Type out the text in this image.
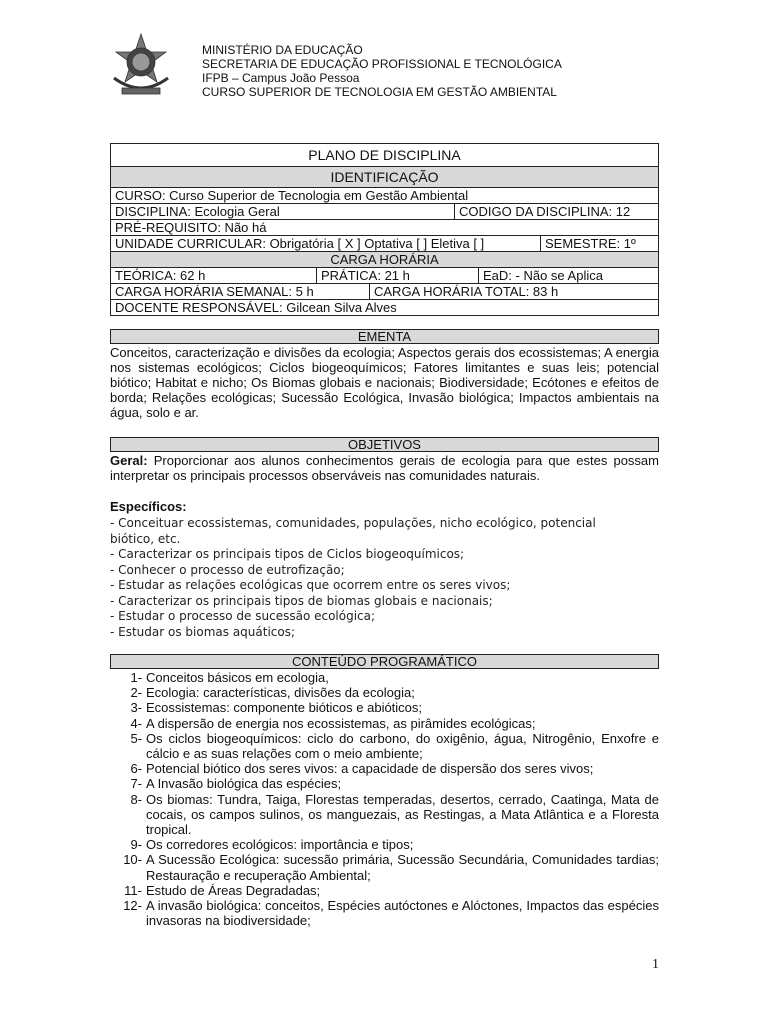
MINISTÉRIO DA EDUCAÇÃO
SECRETARIA DE EDUCAÇÃO PROFISSIONAL E TECNOLÓGICA
IFPB – Campus João Pessoa
CURSO SUPERIOR DE TECNOLOGIA EM GESTÃO AMBIENTAL
PLANO DE DISCIPLINA
IDENTIFICAÇÃO
CURSO: Curso Superior de Tecnologia em Gestão Ambiental
DISCIPLINA: Ecologia Geral	CODIGO DA DISCIPLINA: 12
PRÉ-REQUISITO: Não há
UNIDADE CURRICULAR: Obrigatória [ X ] Optativa [ ] Eletiva [ ]	SEMESTRE: 1º
CARGA HORÁRIA
TEÓRICA: 62 h	PRÁTICA: 21 h	EaD: - Não se Aplica
CARGA HORÁRIA SEMANAL: 5 h	CARGA HORÁRIA TOTAL: 83 h
DOCENTE RESPONSÁVEL: Gilcean Silva Alves
EMENTA
Conceitos, caracterização e divisões da ecologia; Aspectos gerais dos ecossistemas; A energia nos sistemas ecológicos; Ciclos biogeoquímicos; Fatores limitantes e suas leis; potencial biótico; Habitat e nicho; Os Biomas globais e nacionais; Biodiversidade; Ecótones e efeitos de borda; Relações ecológicas; Sucessão Ecológica, Invasão biológica; Impactos ambientais na água, solo e ar.
OBJETIVOS
Geral: Proporcionar aos alunos conhecimentos gerais de ecologia para que estes possam interpretar os principais processos observáveis nas comunidades naturais.
Específicos:
- Conceituar ecossistemas, comunidades, populações, nicho ecológico, potencial
biótico, etc.
- Caracterizar os principais tipos de Ciclos biogeoquímicos;
- Conhecer o processo de eutrofização;
- Estudar as relações ecológicas que ocorrem entre os seres vivos;
- Caracterizar os principais tipos de biomas globais e nacionais;
- Estudar o processo de sucessão ecológica;
- Estudar os biomas aquáticos;
CONTEÚDO PROGRAMÁTICO
1- Conceitos básicos em ecologia,
2- Ecologia: características, divisões da ecologia;
3- Ecossistemas: componente bióticos e abióticos;
4- A dispersão de energia nos ecossistemas, as pirâmides ecológicas;
5- Os ciclos biogeoquímicos: ciclo do carbono, do oxigênio, água, Nitrogênio, Enxofre e cálcio e as suas relações com o meio ambiente;
6- Potencial biótico dos seres vivos: a capacidade de dispersão dos seres vivos;
7- A Invasão biológica das espécies;
8- Os biomas: Tundra, Taiga, Florestas temperadas, desertos, cerrado, Caatinga, Mata de cocais, os campos sulinos, os manguezais, as Restingas, a Mata Atlântica e a Floresta tropical.
9- Os corredores ecológicos: importância e tipos;
10- A Sucessão Ecológica: sucessão primária, Sucessão Secundária, Comunidades tardias; Restauração e recuperação Ambiental;
11- Estudo de Áreas Degradadas;
12- A invasão biológica: conceitos, Espécies autóctones e Alóctones, Impactos das espécies invasoras na biodiversidade;
1
